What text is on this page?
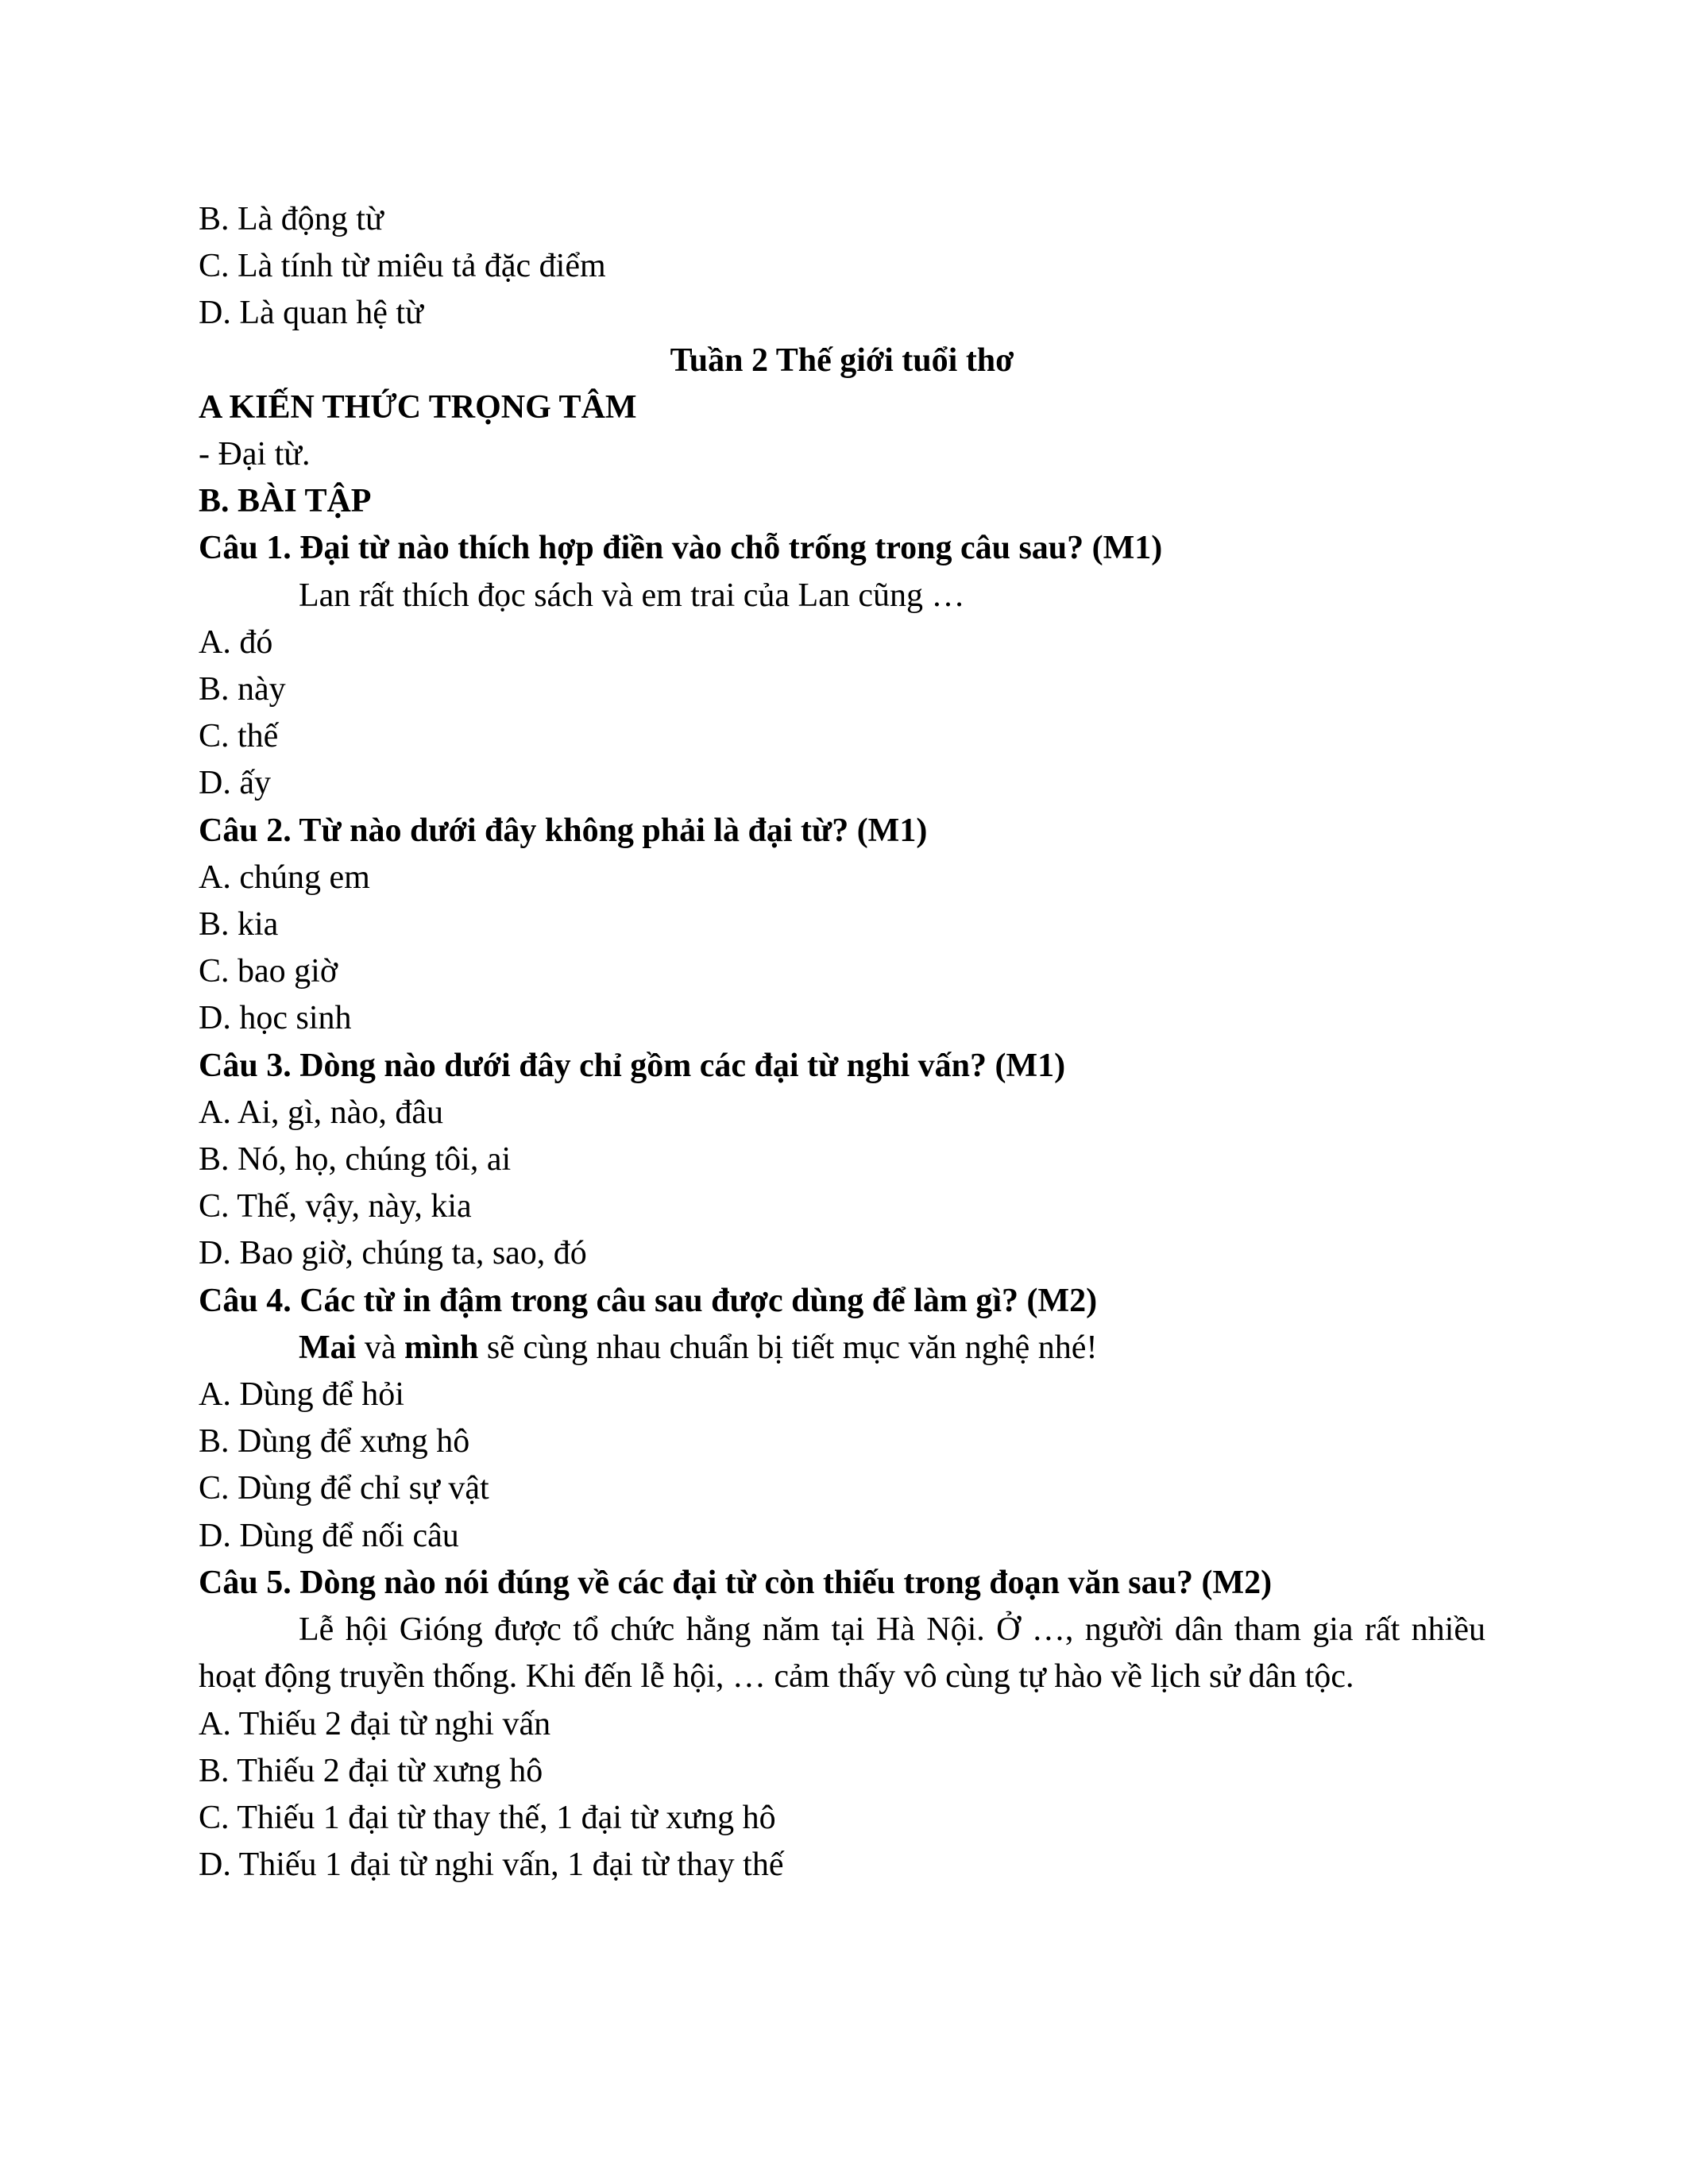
B. Là động từ

C. Là tính từ miêu tả đặc điểm

D. Là quan hệ từ

Tuần 2 Thế giới tuổi thơ

A KIẾN THỨC TRỌNG TÂM

- Đại từ.

B. BÀI TẬP

Câu 1. Đại từ nào thích hợp điền vào chỗ trống trong câu sau? (M1)

Lan rất thích đọc sách và em trai của Lan cũng …

A. đó

B. này

C. thế

D. ấy

Câu 2. Từ nào dưới đây không phải là đại từ? (M1)

A. chúng em

B. kia

C. bao giờ

D. học sinh

Câu 3. Dòng nào dưới đây chỉ gồm các đại từ nghi vấn? (M1)

A. Ai, gì, nào, đâu

B. Nó, họ, chúng tôi, ai

C. Thế, vậy, này, kia

D. Bao giờ, chúng ta, sao, đó

Câu 4. Các từ in đậm trong câu sau được dùng để làm gì? (M2)

Mai và mình sẽ cùng nhau chuẩn bị tiết mục văn nghệ nhé!

A. Dùng để hỏi

B. Dùng để xưng hô

C. Dùng để chỉ sự vật

D. Dùng để nối câu

Câu 5. Dòng nào nói đúng về các đại từ còn thiếu trong đoạn văn sau? (M2)

Lễ hội Gióng được tổ chức hằng năm tại Hà Nội. Ở …, người dân tham gia rất nhiều hoạt động truyền thống. Khi đến lễ hội, … cảm thấy vô cùng tự hào về lịch sử dân tộc.

A. Thiếu 2 đại từ nghi vấn

B. Thiếu 2 đại từ xưng hô

C. Thiếu 1 đại từ thay thế, 1 đại từ xưng hô

D. Thiếu 1 đại từ nghi vấn, 1 đại từ thay thế
